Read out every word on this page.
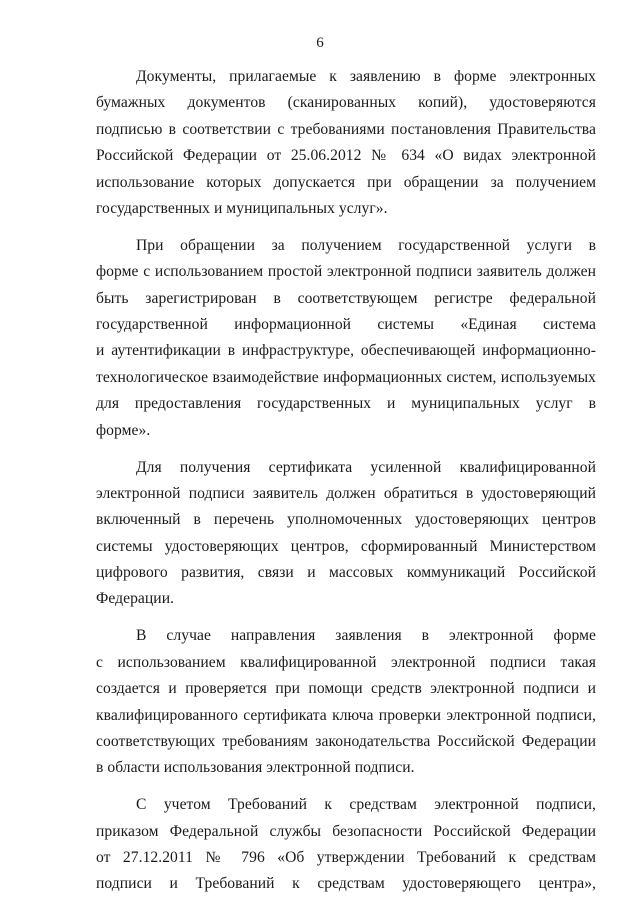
6

Документы, прилагаемые к заявлению в форме электронных
бумажных документов (сканированных копий), удостоверяются
подписью в соответствии с требованиями постановления Правительства
Российской Федерации от 25.06.2012 № 634 «О видах электронной
использование которых допускается при обращении за получением
государственных и муниципальных услуг».

При обращении за получением государственной услуги в
форме с использованием простой электронной подписи заявитель должен
быть зарегистрирован в соответствующем регистре федеральной
государственной информационной системы «Единая система
и аутентификации в инфраструктуре, обеспечивающей информационно-
технологическое взаимодействие информационных систем, используемых
для предоставления государственных и муниципальных услуг в
форме».

Для получения сертификата усиленной квалифицированной
электронной подписи заявитель должен обратиться в удостоверяющий
включенный в перечень уполномоченных удостоверяющих центров
системы удостоверяющих центров, сформированный Министерством
цифрового развития, связи и массовых коммуникаций Российской
Федерации.

В случае направления заявления в электронной форме
с использованием квалифицированной электронной подписи такая
создается и проверяется при помощи средств электронной подписи и
квалифицированного сертификата ключа проверки электронной подписи,
соответствующих требованиям законодательства Российской Федерации
в области использования электронной подписи.

С учетом Требований к средствам электронной подписи,
приказом Федеральной службы безопасности Российской Федерации
от 27.12.2011 № 796 «Об утверждении Требований к средствам
подписи и Требований к средствам удостоверяющего центра»,
